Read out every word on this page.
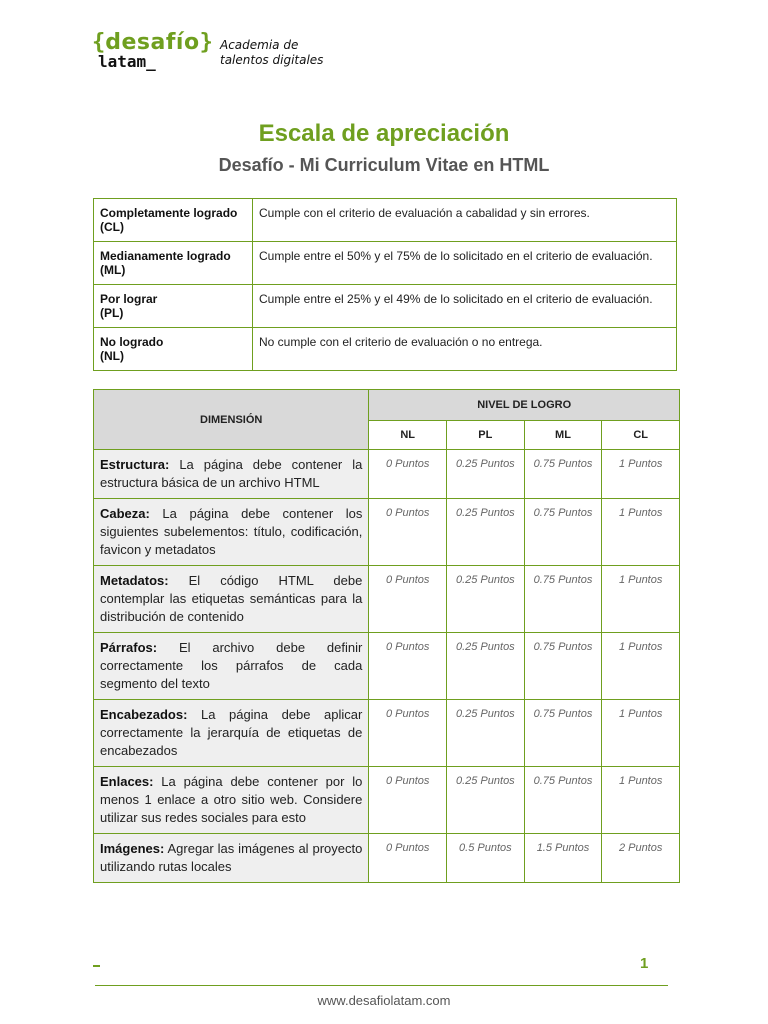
{desafío}
latam_
Academia de
talentos digitales
Escala de apreciación
Desafío - Mi Curriculum Vitae en HTML
Completamente logrado
(CL)	Cumple con el criterio de evaluación a cabalidad y sin errores.
Medianamente logrado
(ML)	Cumple entre el 50% y el 75% de lo solicitado en el criterio de evaluación.
Por lograr
(PL)	Cumple entre el 25% y el 49% de lo solicitado en el criterio de evaluación.
No logrado
(NL)	No cumple con el criterio de evaluación o no entrega.
DIMENSIÓN	NIVEL DE LOGRO			
	NL	PL	ML	CL
Estructura: La página debe contener la estructura básica de un archivo HTML	0 Puntos	0.25 Puntos	0.75 Puntos	1 Puntos
Cabeza: La página debe contener los siguientes subelementos: título, codificación, favicon y metadatos	0 Puntos	0.25 Puntos	0.75 Puntos	1 Puntos
Metadatos: El código HTML debe contemplar las etiquetas semánticas para la distribución de contenido	0 Puntos	0.25 Puntos	0.75 Puntos	1 Puntos
Párrafos: El archivo debe definir correctamente los párrafos de cada segmento del texto	0 Puntos	0.25 Puntos	0.75 Puntos	1 Puntos
Encabezados: La página debe aplicar correctamente la jerarquía de etiquetas de encabezados	0 Puntos	0.25 Puntos	0.75 Puntos	1 Puntos
Enlaces: La página debe contener por lo menos 1 enlace a otro sitio web. Considere utilizar sus redes sociales para esto	0 Puntos	0.25 Puntos	0.75 Puntos	1 Puntos
Imágenes: Agregar las imágenes al proyecto utilizando rutas locales	0 Puntos	0.5 Puntos	1.5 Puntos	2 Puntos
1
www.desafiolatam.com
